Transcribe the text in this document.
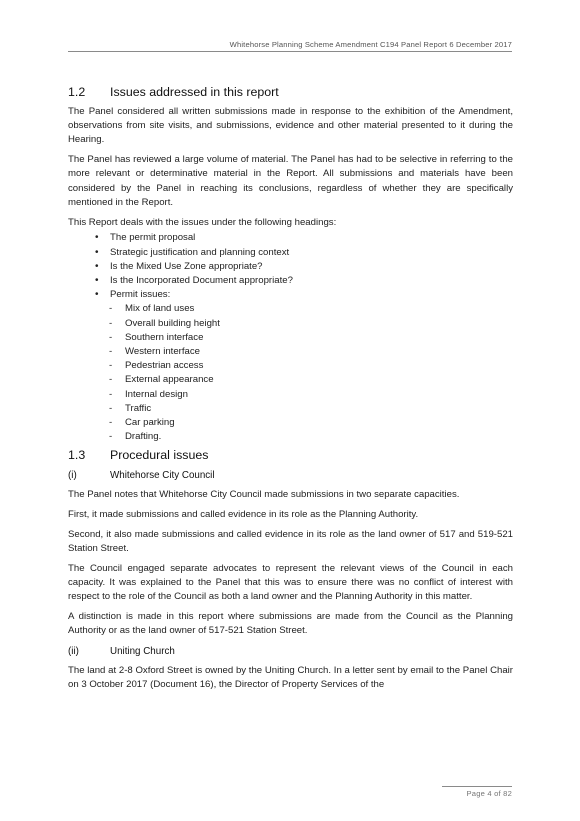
Whitehorse Planning Scheme Amendment C194 Panel Report 6 December 2017
1.2	Issues addressed in this report

The Panel considered all written submissions made in response to the exhibition of the Amendment, observations from site visits, and submissions, evidence and other material presented to it during the Hearing.

The Panel has reviewed a large volume of material. The Panel has had to be selective in referring to the more relevant or determinative material in the Report. All submissions and materials have been considered by the Panel in reaching its conclusions, regardless of whether they are specifically mentioned in the Report.

This Report deals with the issues under the following headings:

• The permit proposal
• Strategic justification and planning context
• Is the Mixed Use Zone appropriate?
• Is the Incorporated Document appropriate?
• Permit issues:
- Mix of land uses
- Overall building height
- Southern interface
- Western interface
- Pedestrian access
- External appearance
- Internal design
- Traffic
- Car parking
- Drafting.
1.3	Procedural issues
(i)	Whitehorse City Council

The Panel notes that Whitehorse City Council made submissions in two separate capacities.

First, it made submissions and called evidence in its role as the Planning Authority.

Second, it also made submissions and called evidence in its role as the land owner of 517 and 519-521 Station Street.

The Council engaged separate advocates to represent the relevant views of the Council in each capacity. It was explained to the Panel that this was to ensure there was no conflict of interest with respect to the role of the Council as both a land owner and the Planning Authority in this matter.

A distinction is made in this report where submissions are made from the Council as the Planning Authority or as the land owner of 517-521 Station Street.

(ii)	Uniting Church

The land at 2-8 Oxford Street is owned by the Uniting Church. In a letter sent by email to the Panel Chair on 3 October 2017 (Document 16), the Director of Property Services of the

Page 4 of 82
